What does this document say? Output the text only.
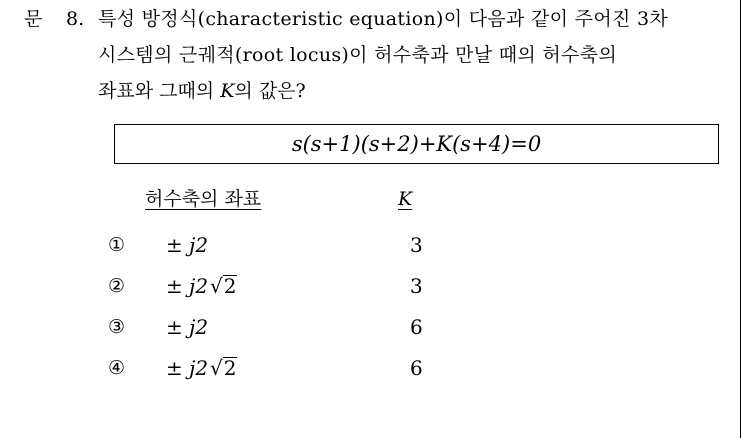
문 8. 특성 방정식(characteristic equation)이 다음과 같이 주어진 3차
시스템의 근궤적(root locus)이 허수축과 만날 때의 허수축의
좌표와 그때의 K의 값은?
s(s+1)(s+2)+K(s+4)=0
허수축의 좌표	K
① ± j2	3
② ± j2 √2	3
③ ± j2	6
④ ± j2 √2	6
